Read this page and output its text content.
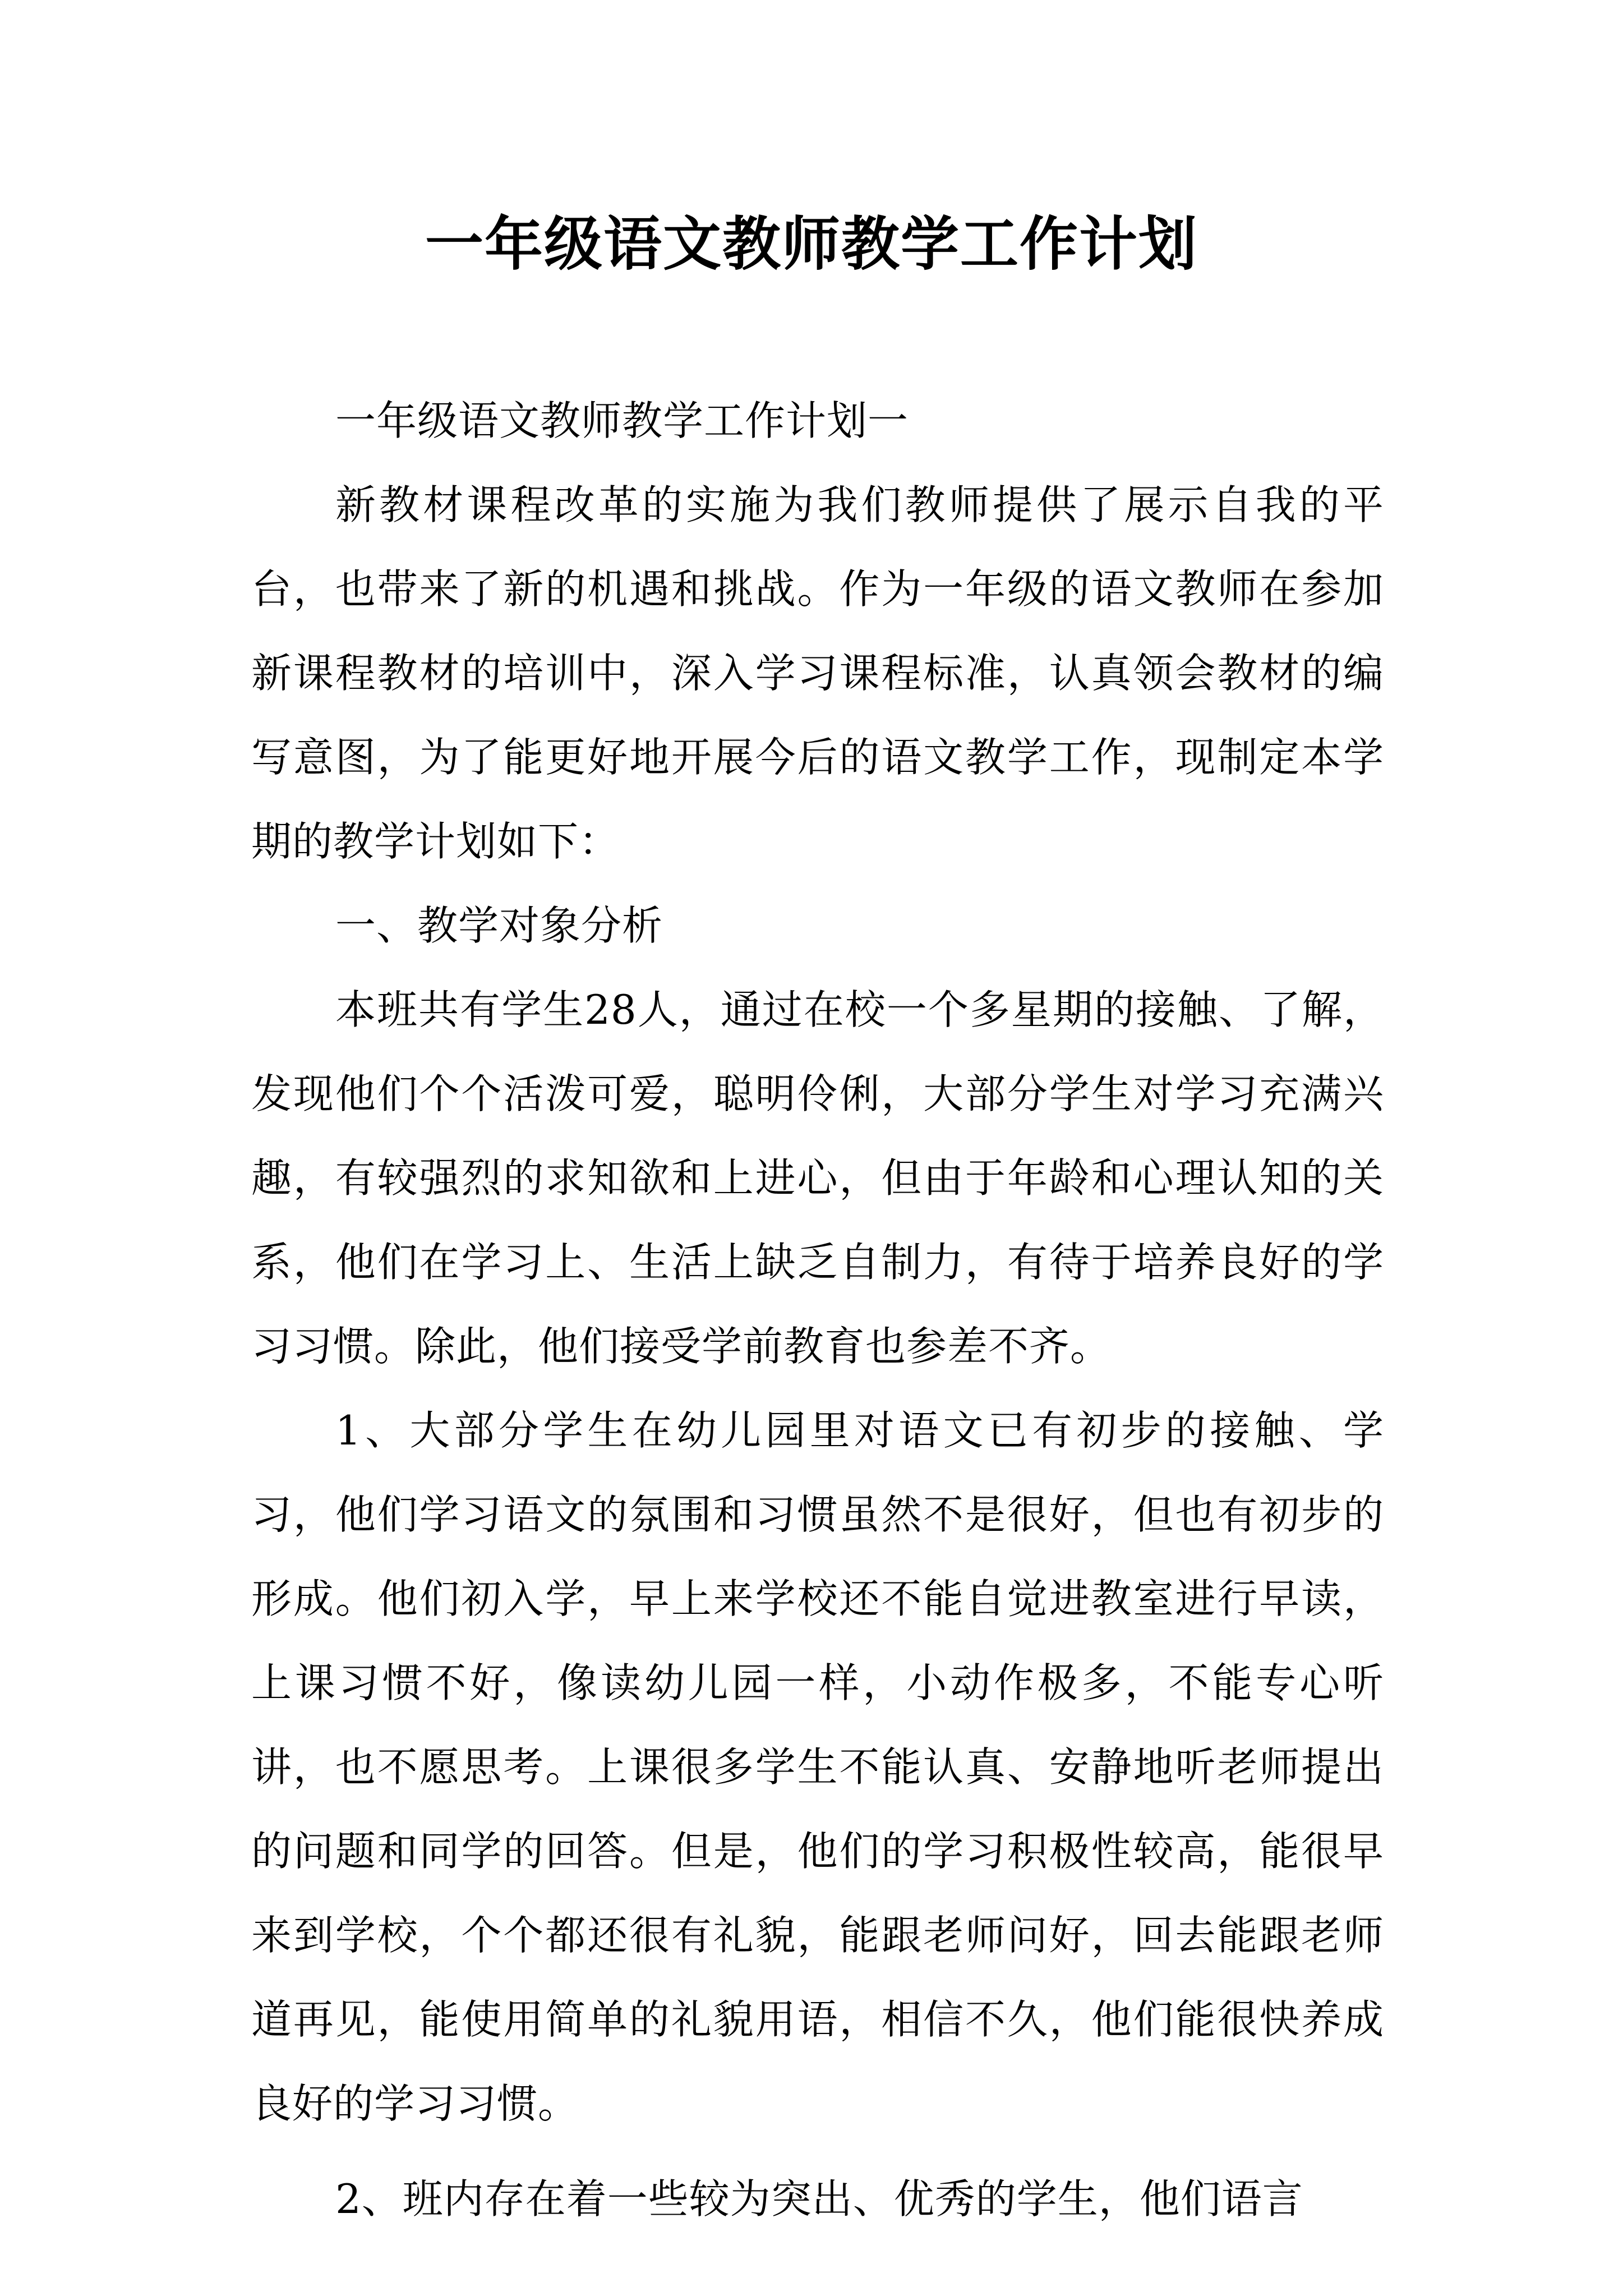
一年级语文教师教学工作计划

一年级语文教师教学工作计划一

新教材课程改革的实施为我们教师提供了展示自我的平台，也带来了新的机遇和挑战。作为一年级的语文教师在参加新课程教材的培训中，深入学习课程标准，认真领会教材的编写意图，为了能更好地开展今后的语文教学工作，现制定本学期的教学计划如下：

一、教学对象分析

本班共有学生28人，通过在校一个多星期的接触、了解，发现他们个个活泼可爱，聪明伶俐，大部分学生对学习充满兴趣，有较强烈的求知欲和上进心，但由于年龄和心理认知的关系，他们在学习上、生活上缺乏自制力，有待于培养良好的学习习惯。除此，他们接受学前教育也参差不齐。

1、大部分学生在幼儿园里对语文已有初步的接触、学习，他们学习语文的氛围和习惯虽然不是很好，但也有初步的形成。他们初入学，早上来学校还不能自觉进教室进行早读，上课习惯不好，像读幼儿园一样，小动作极多，不能专心听讲，也不愿思考。上课很多学生不能认真、安静地听老师提出的问题和同学的回答。但是，他们的学习积极性较高，能很早来到学校，个个都还很有礼貌，能跟老师问好，回去能跟老师道再见，能使用简单的礼貌用语，相信不久，他们能很快养成良好的学习习惯。

2、班内存在着一些较为突出、优秀的学生，他们语言
